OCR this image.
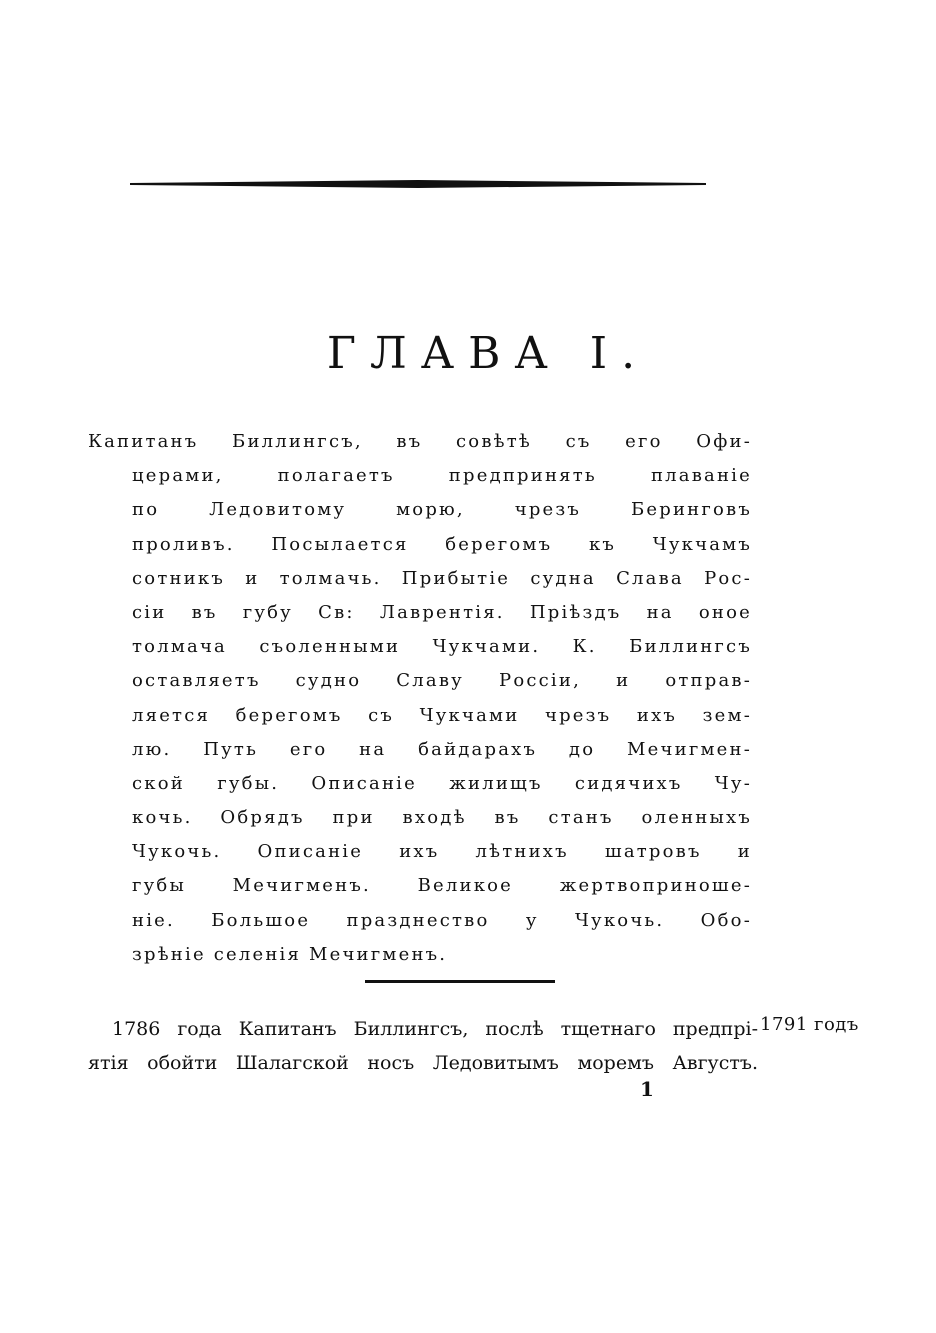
ГЛАВА I.
Капитанъ Биллингсъ, въ совѣтѣ съ его Офи-
церами, полагаетъ предпринять плаванie
по Ледовитому морю, чрезъ Беринговъ
проливъ. Посылается берегомъ къ Чукчамъ
сотникъ и толмачь. Прибытie судна Слава Рос-
сiи въ губу Св: Лаврентiя. Прiѣздъ на оное
толмача съоленными Чукчами. К. Биллингсъ
оставляетъ судно Славу Россiи, и отправ-
ляется берегомъ съ Чукчами чрезъ ихъ зем-
лю. Путь его на байдарахъ до Мечигмен-
ской губы. Описанie жилищъ сидячихъ Чу-
кочь. Обрядъ при входѣ въ станъ оленныхъ
Чукочь. Описанie ихъ лѣтнихъ шатровъ и
губы Мечигменъ. Великое жертвоприноше-
нie. Большое празднество у Чукочь. Обо-
зрѣнie селенiя Мечигменъ.
1786 года Капитанъ Биллингсъ, послѣ тщетнаго предпрi-
ятiя обойти Шалагской носъ Ледовитымъ моремъ Августъ.
1791 годъ
1
